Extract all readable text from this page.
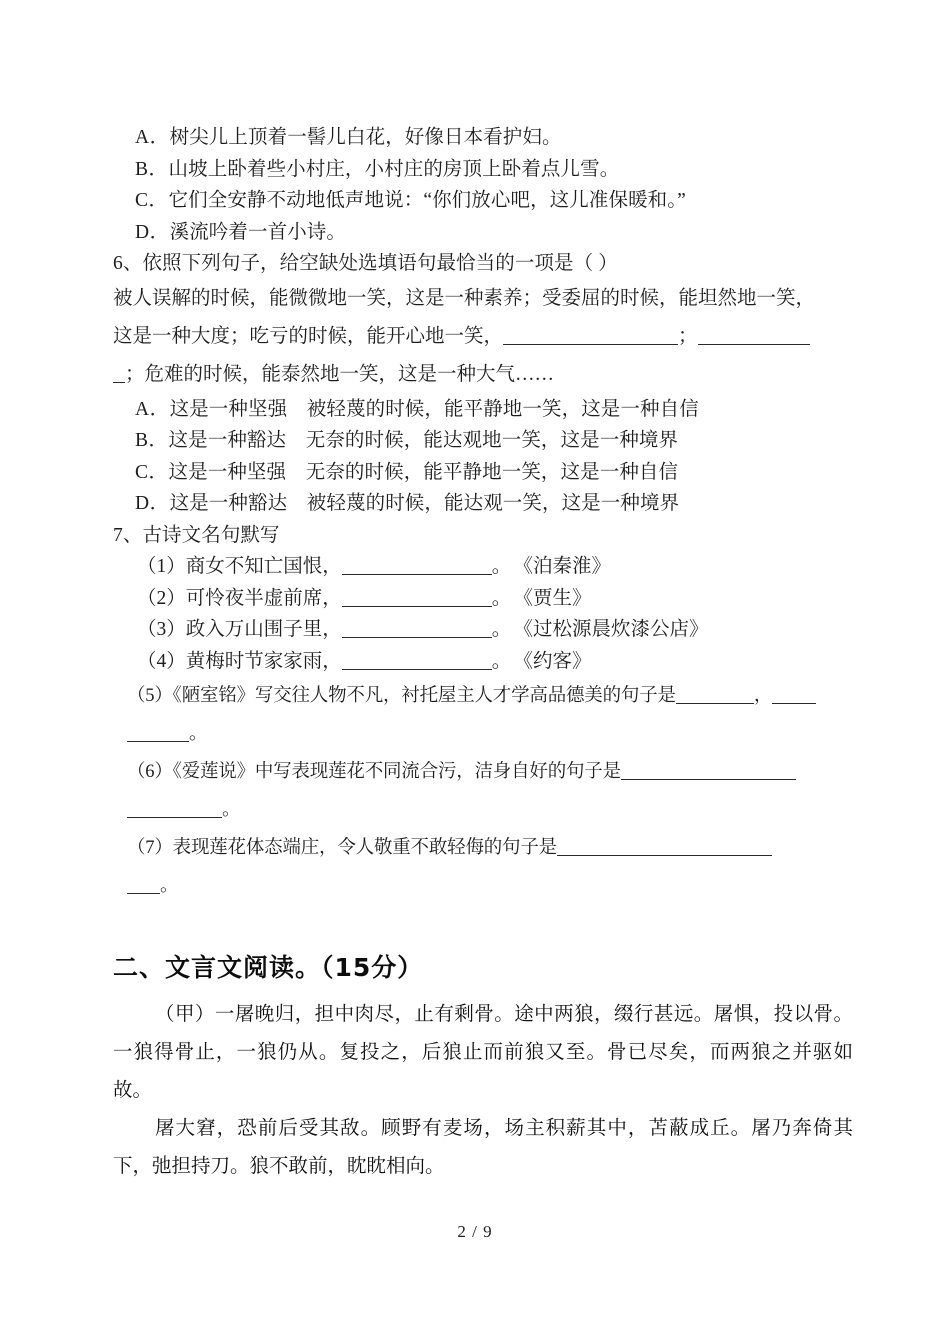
A．树尖儿上顶着一髻儿白花，好像日本看护妇。
B．山坡上卧着些小村庄，小村庄的房顶上卧着点儿雪。
C．它们全安静不动地低声地说：“你们放心吧，这儿准保暖和。”
D．溪流吟着一首小诗。
6、依照下列句子，给空缺处选填语句最恰当的一项是（ ）
被人误解的时候，能微微地一笑，这是一种素养；受委屈的时候，能坦然地一笑，
这是一种大度；吃亏的时候，能开心地一笑，	；
；危难的时候，能泰然地一笑，这是一种大气……
A．这是一种坚强　被轻蔑的时候，能平静地一笑，这是一种自信
B．这是一种豁达　无奈的时候，能达观地一笑，这是一种境界
C．这是一种坚强　无奈的时候，能平静地一笑，这是一种自信
D．这是一种豁达　被轻蔑的时候，能达观一笑，这是一种境界
7、古诗文名句默写
（1）商女不知亡国恨，	。 《泊秦淮》
（2）可怜夜半虚前席，	。 《贾生》
（3）政入万山围子里，	。 《过松源晨炊漆公店》
（4）黄梅时节家家雨，	。 《约客》
（5）《陋室铭》写交往人物不凡，衬托屋主人才学高品德美的句子是	，
。
（6）《爱莲说》中写表现莲花不同流合污，洁身自好的句子是
。
（7）表现莲花体态端庄，令人敬重不敢轻侮的句子是
。
二、文言文阅读。（15分）
（甲）一屠晚归，担中肉尽，止有剩骨。途中两狼，缀行甚远。屠惧，投以骨。一狼得骨止，一狼仍从。复投之，后狼止而前狼又至。骨已尽矣，而两狼之并驱如故。
屠大窘，恐前后受其敌。顾野有麦场，场主积薪其中，苫蔽成丘。屠乃奔倚其下，弛担持刀。狼不敢前，眈眈相向。
2 / 9
